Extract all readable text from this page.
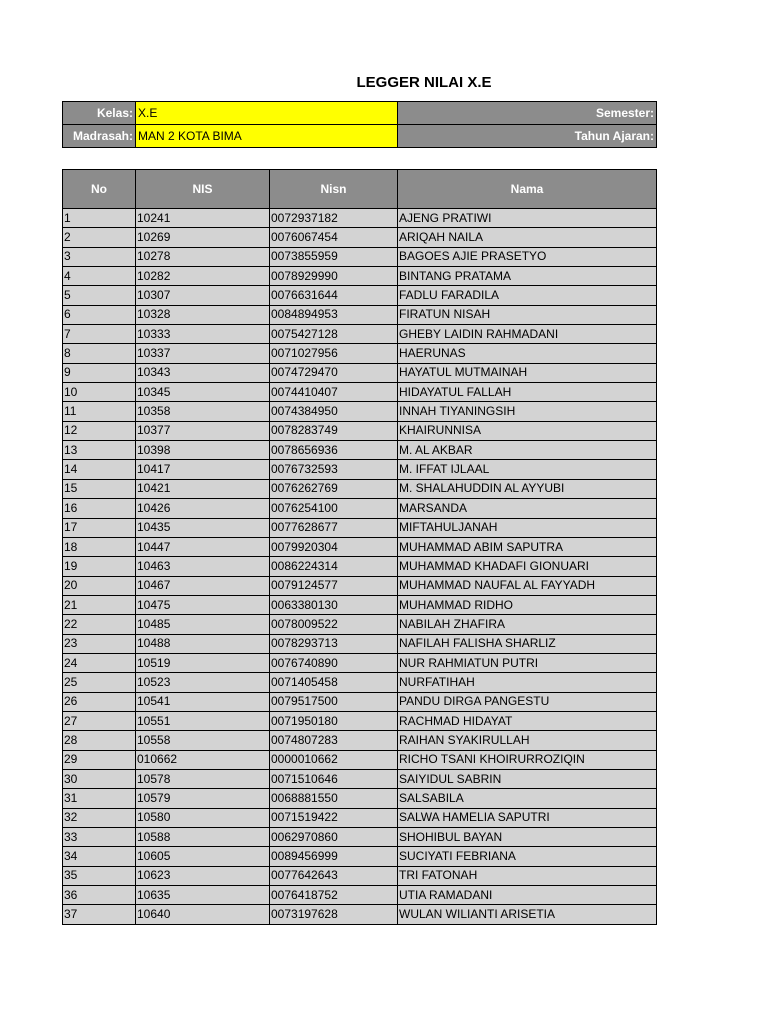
LEGGER NILAI X.E
Kelas:	X.E	Semester:
Madrasah:	MAN 2 KOTA BIMA	Tahun Ajaran:
No	NIS	Nisn	Nama
1	10241	0072937182	AJENG PRATIWI
2	10269	0076067454	ARIQAH NAILA
3	10278	0073855959	BAGOES AJIE PRASETYO
4	10282	0078929990	BINTANG PRATAMA
5	10307	0076631644	FADLU FARADILA
6	10328	0084894953	FIRATUN NISAH
7	10333	0075427128	GHEBY LAIDIN RAHMADANI
8	10337	0071027956	HAERUNAS
9	10343	0074729470	HAYATUL MUTMAINAH
10	10345	0074410407	HIDAYATUL FALLAH
11	10358	0074384950	INNAH TIYANINGSIH
12	10377	0078283749	KHAIRUNNISA
13	10398	0078656936	M. AL AKBAR
14	10417	0076732593	M. IFFAT IJLAAL
15	10421	0076262769	M. SHALAHUDDIN AL AYYUBI
16	10426	0076254100	MARSANDA
17	10435	0077628677	MIFTAHULJANAH
18	10447	0079920304	MUHAMMAD ABIM SAPUTRA
19	10463	0086224314	MUHAMMAD KHADAFI GIONUARI
20	10467	0079124577	MUHAMMAD NAUFAL AL FAYYADH
21	10475	0063380130	MUHAMMAD RIDHO
22	10485	0078009522	NABILAH ZHAFIRA
23	10488	0078293713	NAFILAH FALISHA SHARLIZ
24	10519	0076740890	NUR RAHMIATUN PUTRI
25	10523	0071405458	NURFATIHAH
26	10541	0079517500	PANDU DIRGA PANGESTU
27	10551	0071950180	RACHMAD HIDAYAT
28	10558	0074807283	RAIHAN SYAKIRULLAH
29	010662	0000010662	RICHO TSANI KHOIRURROZIQIN
30	10578	0071510646	SAIYIDUL SABRIN
31	10579	0068881550	SALSABILA
32	10580	0071519422	SALWA HAMELIA SAPUTRI
33	10588	0062970860	SHOHIBUL BAYAN
34	10605	0089456999	SUCIYATI FEBRIANA
35	10623	0077642643	TRI FATONAH
36	10635	0076418752	UTIA RAMADANI
37	10640	0073197628	WULAN WILIANTI ARISETIA
